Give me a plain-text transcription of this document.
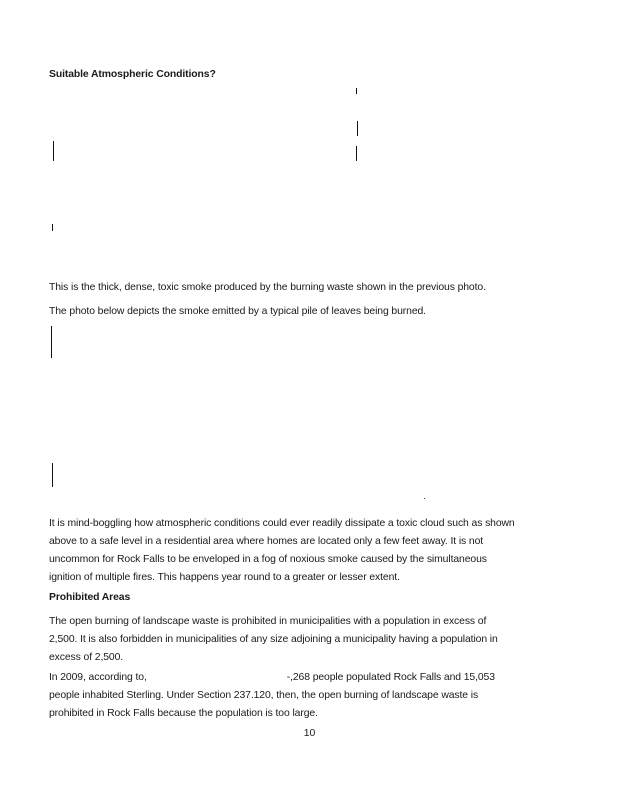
Suitable Atmospheric Conditions?
This is the thick, dense, toxic smoke produced by the burning waste shown in the previous photo.
The photo below depicts the smoke emitted by a typical pile of leaves being burned.
It is mind-boggling how atmospheric conditions could ever readily dissipate a toxic cloud such as shown
above to a safe level in a residential area where homes are located only a few feet away. It is not
uncommon for Rock Falls to be enveloped in a fog of noxious smoke caused by the simultaneous
ignition of multiple fires. This happens year round to a greater or lesser extent.
Prohibited Areas
The open burning of landscape waste is prohibited in municipalities with a population in excess of
2,500. It is also forbidden in municipalities of any size adjoining a municipality having a population in
excess of 2,500.
In 2009, according to,	-,268 people populated Rock Falls and 15,053
people inhabited Sterling. Under Section 237.120, then, the open burning of landscape waste is
prohibited in Rock Falls because the population is too large.
10
